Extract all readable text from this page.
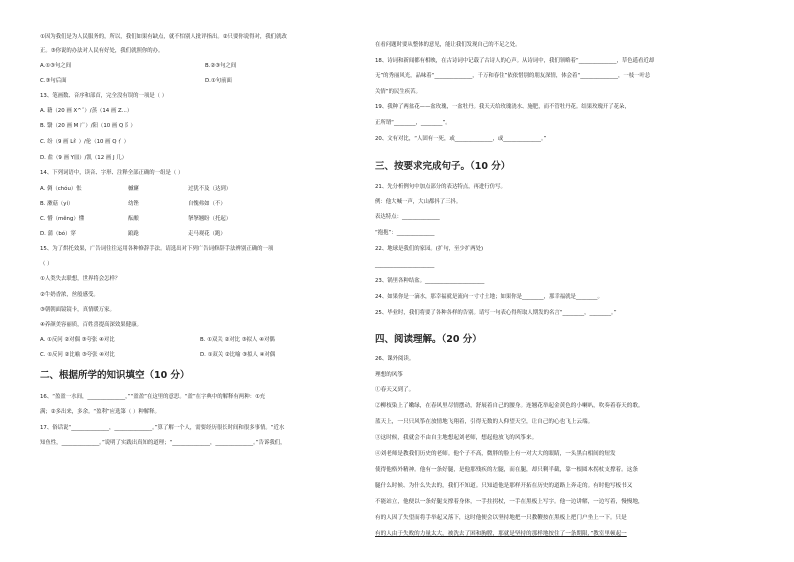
①因为我们是为人民服务的，所以，我们如果有缺点，就不怕别人批评指出。②只要你说得对，我们就改
正。③你说的办法对人民有好处，我们就照你的办。
A.①③句之间	B.②③句之间
C.③句后面	D.①句前面
13、笔画数、音序和部首，完全没有误的一项是（ ）
A. 籍（20 画 X^ˆ）/蒸（14 画 Z...）
B. 翳（20 画 M 广）/阳（10 画 Q 阝）
C. 纷（9 画 L纟）/伦（10 画 Q 亻）
D. 盐（9 画 Y皿）/凯（12 画 J 几）
14、下列词语中，读音、字形、注释全部正确的一组是（ ）
A. 倜（chóu）怅	槭窿	过犹不及（达到）
B. 漱菇（yí）	幼锉	自愧弗如（不）
C. 懵（měng）懂	酝酿	拏拏翘盼（托起）
D. 蒲（bó）穿	踉跄	走马观花（跑）
15、为了烘托效果，广告词往往运用各种修辞手法。请选出对下列广告词修辞手法辨别正确的一项
（ ）
①人类失去联想，世界将会怎样？
②牛奶香浓，丝般感受。
③朝朝面镜镜卡，真情暖万家。
④养颜美容丽质，百姓喜提高深效果健康。
A. ①反问 ②对偶 ③夸张 ④对比	B. ①双关 ②对比 ③拟人 ④对偶
C. ①反问 ②比喻 ③夸张 ④对比	D. ①双关 ②比喻 ③拟人 ④对偶
二、根据所学的知识填空（10 分）
16、“盈盈一水间，______________，”“盈盈”在这里的意思。“盈”在字典中的解释有两种：①充
满；②多出来，多余。“盈利”应选第（ ）种解释。
17、俗话说“______________，______________。”算了解一个人，需要经历很长时间和很多事情。“近水
知鱼性，______________。”说明了实践出真知的道理；“______________，______________。”告诉我们，
在看问题时要从整体的意见，能让我们发现自己的不足之处。
18、诗词和新闻都有相映，在古诗词中记载了古诗人的心声。从诗词中，我们领略着“______________，草色遥看近却
无”的秀丽风光，品味着“______________，千万和春住”依依惜别的朋友深情，体会着“______________，一枝一叶总
关情”的民生疾苦。
19、我种了两盆花——盆玫瑰，一盆牡丹。我天天给玫瑰浇水、施肥，而不管牡丹花。结果玫瑰开了花朵，
正所谓“________，________”。
20、文有对比，“人固有一死，或______________，或______________。”
三、按要求完成句子。（10 分）
21、先分析例句中加点部分的表达特点，再进行仿写。
例：他大喊一声，大山都抖了三抖。
表达特点：______________
“抱抱”：______________
22、地球是我们的家园。(扩句，至少扩两处)
______________________
23、锅里各种结盆。______________________
24、如果你是一滴水，那幸福就是流向一寸寸土地；如果你是________，那幸福就是________。
25、毕业时，我们将要了各种各样的告别。请写一句表心得所取人期发的名言“________，________。”
四、阅读理解。（20 分）
26、课外阅读。
理想的风筝
①春天又到了。
②柳枝染上了嫩绿，在春风里尽情摆动，舒展着自己的腰身。连翘花举起金黄色的小喇叭，吹奏着春天的歌。
蓝天上，一只只风筝在放情地飞翔着，引得无数的人仰望天空，让自己的心也飞上云端。
③这时候，我就会不由自主地想起刘老师，想起他放飞的风筝来。
④刘老师是教我们历史的老师。他个子不高，微胖的脸上有一对大大的眼睛，一头黑白相间的短发
使得他格外精神。他有一条好腿，是他那残疾的左腿，而在腿，却只剩半截，靠一根圆木拐杖支撑着。这条
腿什么时候、为什么失去的，我们不知道。只知道他是那样开拓在历史的道路上奔走的。有时他写板书又
不能站立，他便以一条好腿支撑着身体，一手拄拐杖，一手在黑板上写字。他一边讲解，一边写着，慢慢地，
有的人因了失望而将手举起又落下，这时他便会以坚持地把一只教鞭按在黑板上把门户坐上一下。只是
有的人由于失败的力量太大，被洗去了困和胸膛，那就是坚持的那样地按住了一条期限，”教室里顿起一
